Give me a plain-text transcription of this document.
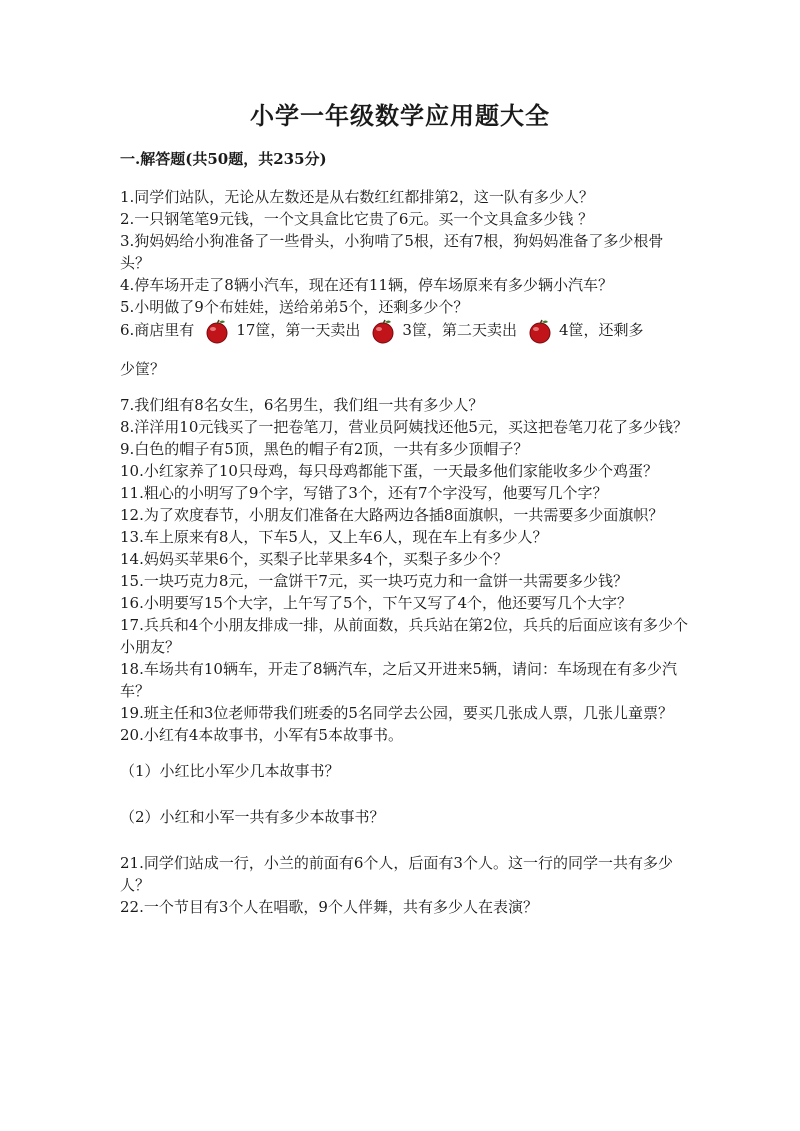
小学一年级数学应用题大全

一.解答题(共50题，共235分)

1.同学们站队，无论从左数还是从右数红红都排第2，这一队有多少人？

2.一只钢笔笔9元钱，一个文具盒比它贵了6元。买一个文具盒多少钱 ？

3.狗妈妈给小狗准备了一些骨头，小狗啃了5根，还有7根，狗妈妈准备了多少根骨头？

4.停车场开走了8辆小汽车，现在还有11辆，停车场原来有多少辆小汽车？

5.小明做了9个布娃娃，送给弟弟5个，还剩多少个？

6.商店里有	17筐，第一天卖出	3筐，第二天卖出	4筐，还剩多
少筐？

7.我们组有8名女生，6名男生，我们组一共有多少人？

8.洋洋用10元钱买了一把卷笔刀，营业员阿姨找还他5元，买这把卷笔刀花了多少钱？

9.白色的帽子有5顶，黑色的帽子有2顶，一共有多少顶帽子？

10.小红家养了10只母鸡，每只母鸡都能下蛋，一天最多他们家能收多少个鸡蛋？

11.粗心的小明写了9个字，写错了3个，还有7个字没写，他要写几个字？

12.为了欢度春节，小朋友们准备在大路两边各插8面旗帜，一共需要多少面旗帜？

13.车上原来有8人，下车5人，又上车6人，现在车上有多少人？

14.妈妈买苹果6个，买梨子比苹果多4个，买梨子多少个？

15.一块巧克力8元，一盒饼干7元，买一块巧克力和一盒饼一共需要多少钱？

16.小明要写15个大字，上午写了5个，下午又写了4个，他还要写几个大字？

17.兵兵和4个小朋友排成一排，从前面数，兵兵站在第2位，兵兵的后面应该有多少个小朋友？

18.车场共有10辆车，开走了8辆汽车，之后又开进来5辆，请问：车场现在有多少汽车？

19.班主任和3位老师带我们班委的5名同学去公园，要买几张成人票，几张儿童票？

20.小红有4本故事书，小军有5本故事书。

（1）小红比小军少几本故事书？

（2）小红和小军一共有多少本故事书？

21.同学们站成一行，小兰的前面有6个人，后面有3个人。这一行的同学一共有多少人？

22.一个节目有3个人在唱歌，9个人伴舞，共有多少人在表演？
